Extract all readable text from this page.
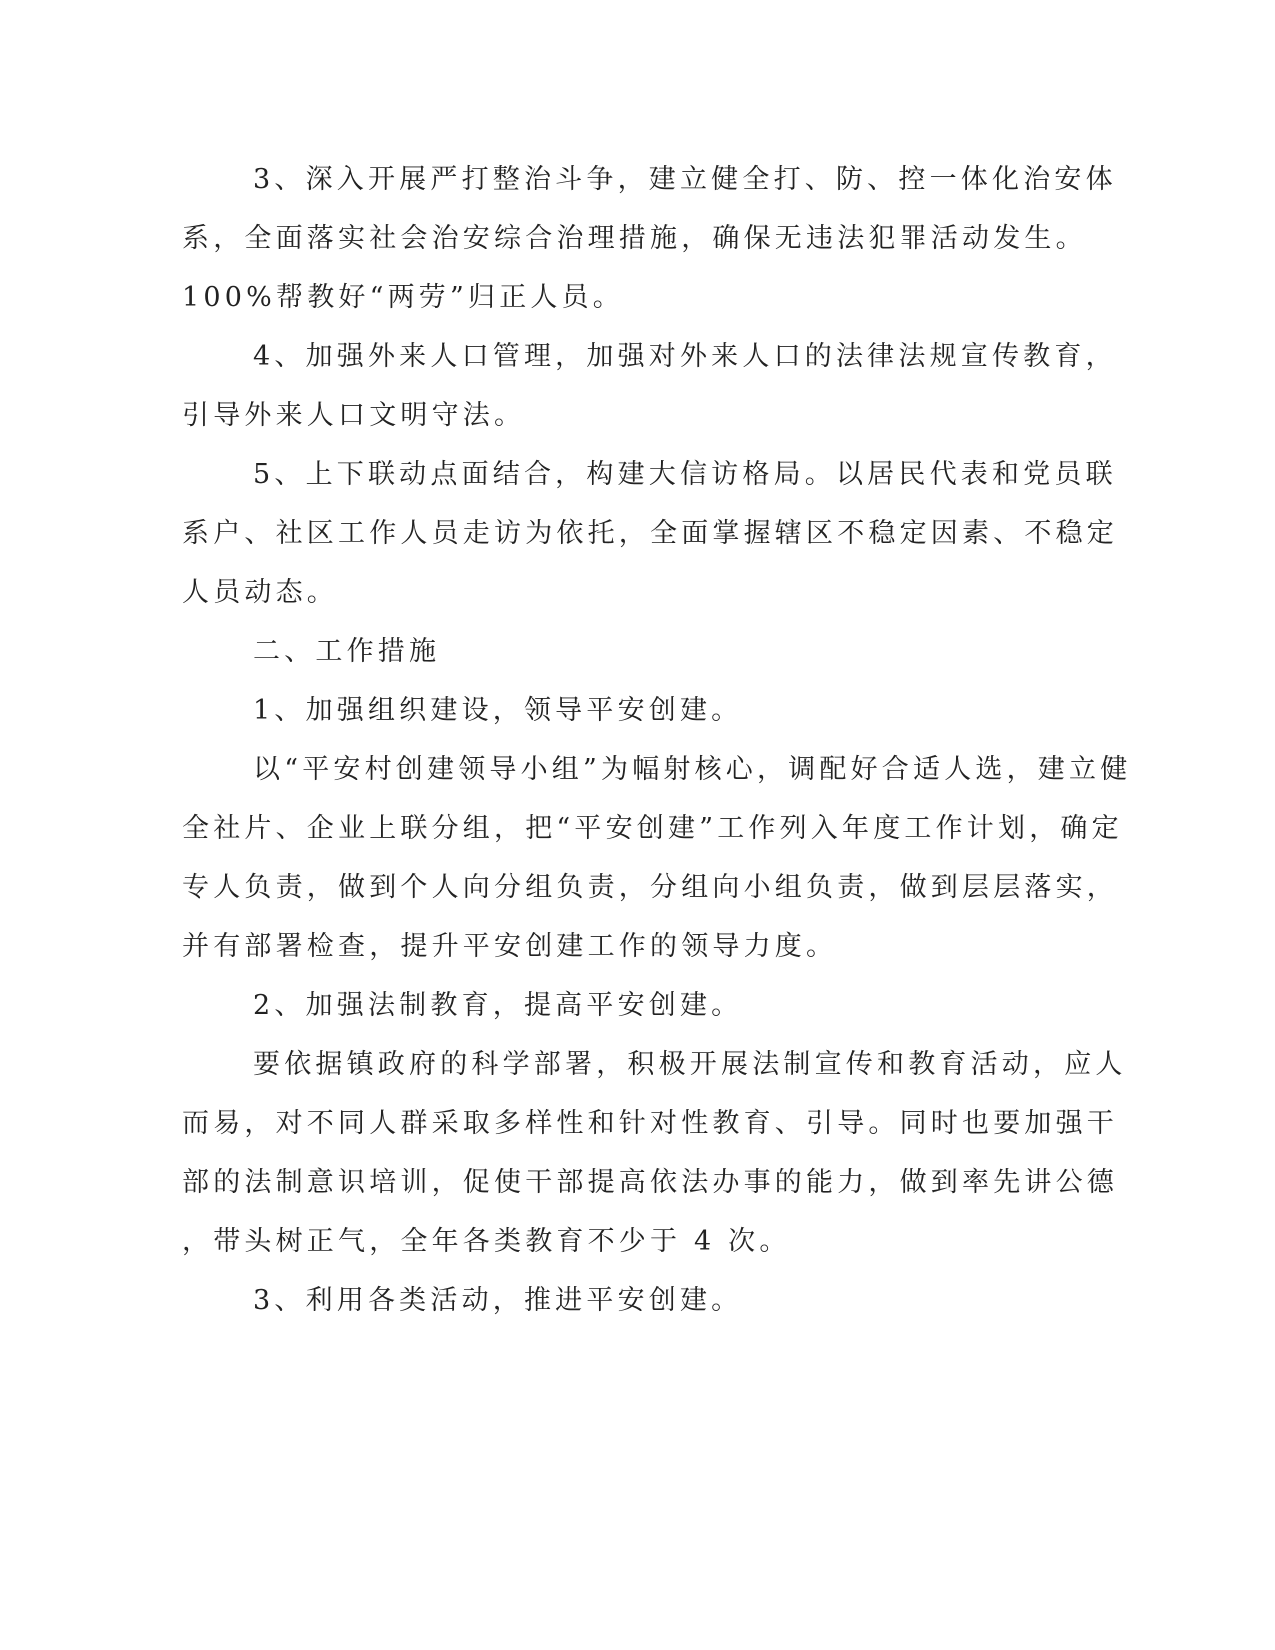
3、深入开展严打整治斗争，建立健全打、防、控一体化治安体
系，全面落实社会治安综合治理措施，确保无违法犯罪活动发生。
100%帮教好“两劳”归正人员。
4、加强外来人口管理，加强对外来人口的法律法规宣传教育，
引导外来人口文明守法。
5、上下联动点面结合，构建大信访格局。以居民代表和党员联
系户、社区工作人员走访为依托，全面掌握辖区不稳定因素、不稳定
人员动态。
二、工作措施
1、加强组织建设，领导平安创建。
以“平安村创建领导小组”为幅射核心，调配好合适人选，建立健
全社片、企业上联分组，把“平安创建”工作列入年度工作计划，确定
专人负责，做到个人向分组负责，分组向小组负责，做到层层落实，
并有部署检查，提升平安创建工作的领导力度。
2、加强法制教育，提高平安创建。
要依据镇政府的科学部署，积极开展法制宣传和教育活动，应人
而易，对不同人群采取多样性和针对性教育、引导。同时也要加强干
部的法制意识培训，促使干部提高依法办事的能力，做到率先讲公德
，带头树正气，全年各类教育不少于 4 次。
3、利用各类活动，推进平安创建。
